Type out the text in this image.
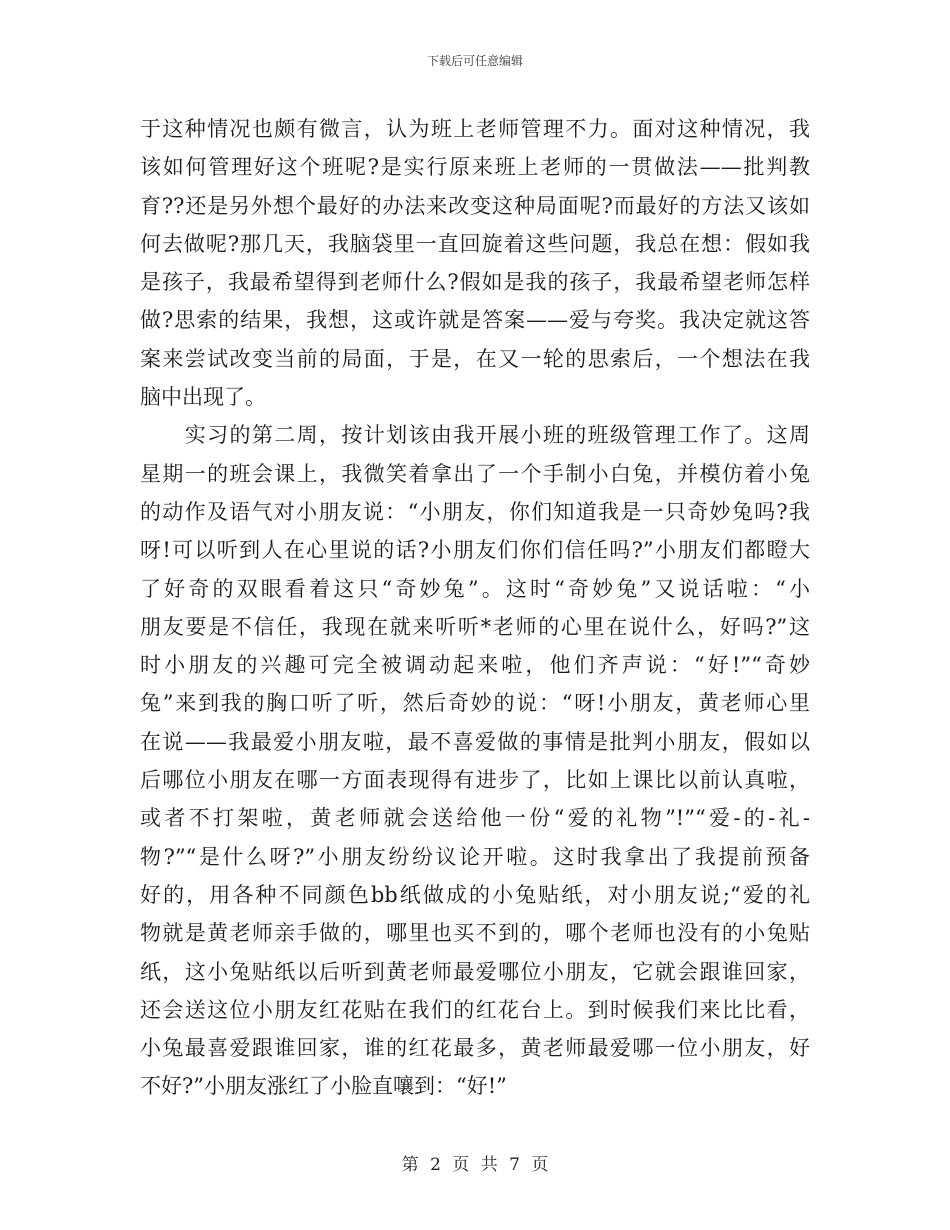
下载后可任意编辑
于这种情况也颇有微言，认为班上老师管理不力。面对这种情况，我
该如何管理好这个班呢?是实行原来班上老师的一贯做法——批判教
育??还是另外想个最好的办法来改变这种局面呢?而最好的方法又该如
何去做呢?那几天，我脑袋里一直回旋着这些问题，我总在想：假如我
是孩子，我最希望得到老师什么?假如是我的孩子，我最希望老师怎样
做?思索的结果，我想，这或许就是答案——爱与夸奖。我决定就这答
案来尝试改变当前的局面，于是，在又一轮的思索后，一个想法在我
脑中出现了。
　　实习的第二周，按计划该由我开展小班的班级管理工作了。这周
星期一的班会课上，我微笑着拿出了一个手制小白兔，并模仿着小兔
的动作及语气对小朋友说：“小朋友，你们知道我是一只奇妙兔吗?我
呀!可以听到人在心里说的话?小朋友们你们信任吗?”小朋友们都瞪大
了好奇的双眼看着这只“奇妙兔”。这时“奇妙兔”又说话啦：“小
朋友要是不信任，我现在就来听听*老师的心里在说什么，好吗?”这
时小朋友的兴趣可完全被调动起来啦，他们齐声说：“好!”“奇妙
兔”来到我的胸口听了听，然后奇妙的说：“呀!小朋友，黄老师心里
在说——我最爱小朋友啦，最不喜爱做的事情是批判小朋友，假如以
后哪位小朋友在哪一方面表现得有进步了，比如上课比以前认真啦，
或者不打架啦，黄老师就会送给他一份“爱的礼物”!”“爱-的-礼-
物?”“是什么呀?”小朋友纷纷议论开啦。这时我拿出了我提前预备
好的，用各种不同颜色bb纸做成的小兔贴纸，对小朋友说;“爱的礼
物就是黄老师亲手做的，哪里也买不到的，哪个老师也没有的小兔贴
纸，这小兔贴纸以后听到黄老师最爱哪位小朋友，它就会跟谁回家，
还会送这位小朋友红花贴在我们的红花台上。到时候我们来比比看，
小兔最喜爱跟谁回家，谁的红花最多，黄老师最爱哪一位小朋友，好
不好?”小朋友涨红了小脸直嚷到：“好!”
第 2 页 共 7 页
